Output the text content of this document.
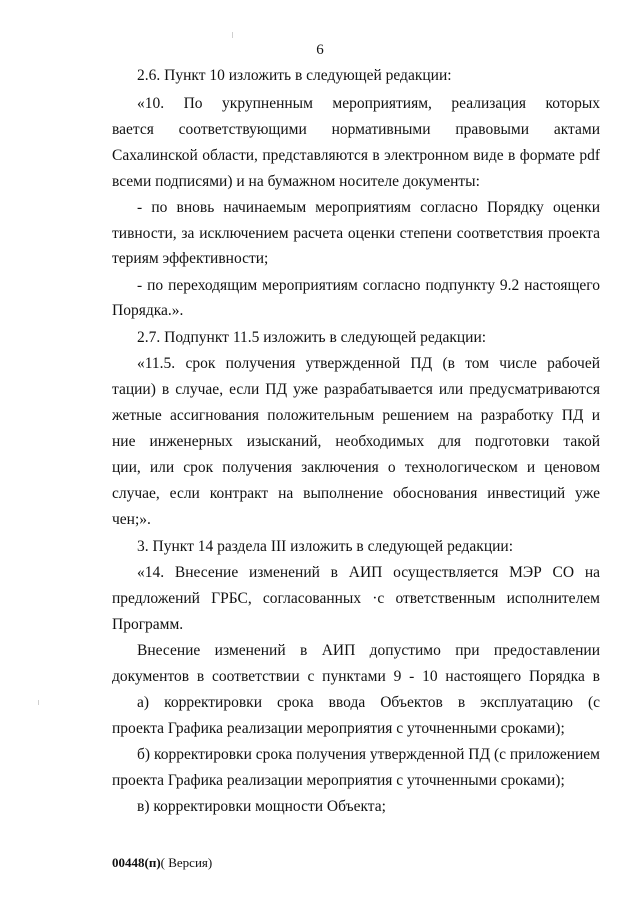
6
2.6. Пункт 10 изложить в следующей редакции:
«10. По укрупненным мероприятиям, реализация которых
вается соответствующими нормативными правовыми актами
Сахалинской области, представляются в электронном виде в формате pdf
всеми подписями) и на бумажном носителе документы:
- по вновь начинаемым мероприятиям согласно Порядку оценки
тивности, за исключением расчета оценки степени соответствия проекта
териям эффективности;
- по переходящим мероприятиям согласно подпункту 9.2 настоящего
Порядка.».
2.7. Подпункт 11.5 изложить в следующей редакции:
«11.5. срок получения утвержденной ПД (в том числе рабочей
тации) в случае, если ПД уже разрабатывается или предусматриваются
жетные ассигнования положительным решением на разработку ПД и
ние инженерных изысканий, необходимых для подготовки такой
ции, или срок получения заключения о технологическом и ценовом
случае, если контракт на выполнение обоснования инвестиций уже
чен;».
3. Пункт 14 раздела III изложить в следующей редакции:
«14. Внесение изменений в АИП осуществляется МЭР СО на
предложений ГРБС, согласованных ·с ответственным исполнителем
Программ.
Внесение изменений в АИП допустимо при предоставлении
документов в соответствии с пунктами 9 - 10 настоящего Порядка в
а) корректировки срока ввода Объектов в эксплуатацию (с
проекта Графика реализации мероприятия с уточненными сроками);
б) корректировки срока получения утвержденной ПД (с приложением
проекта Графика реализации мероприятия с уточненными сроками);
в) корректировки мощности Объекта;
00448(п)( Версия)
